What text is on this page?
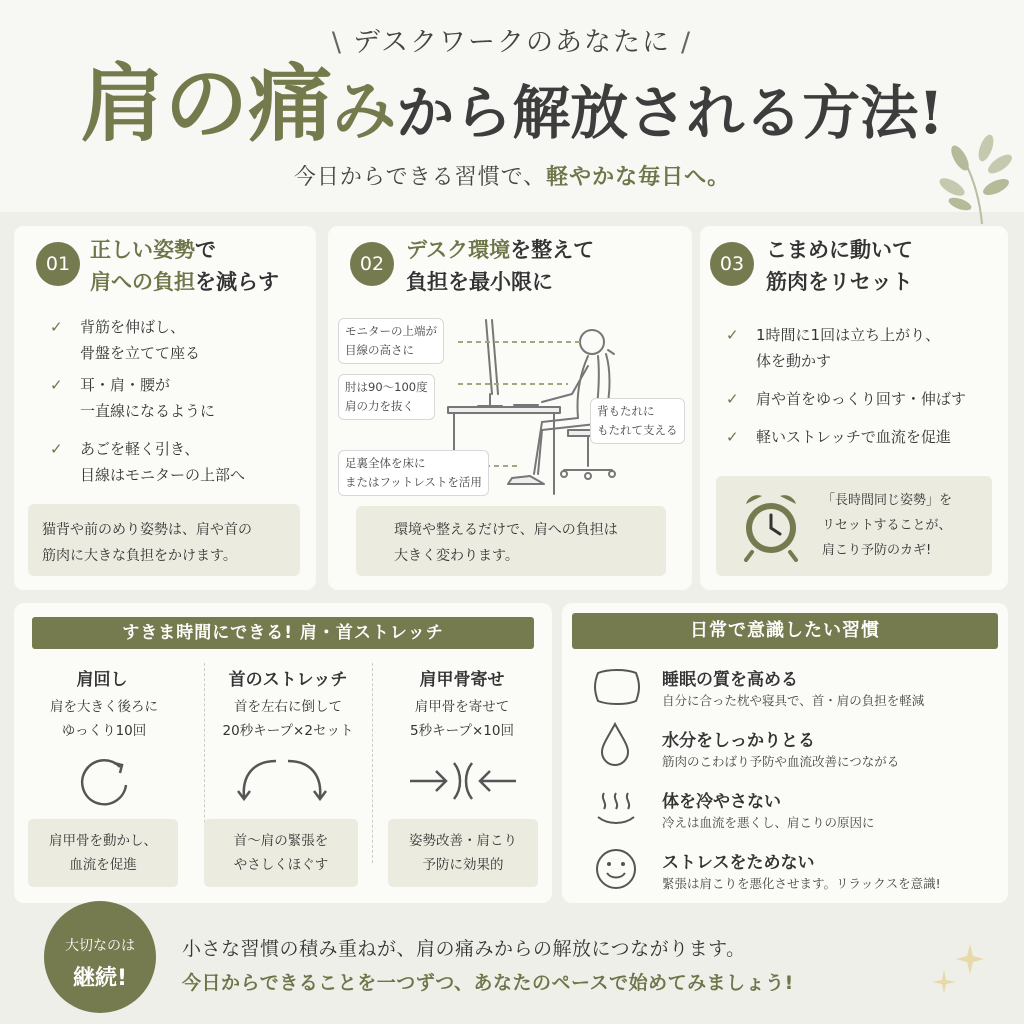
\ デスクワークのあなたに /
肩の痛みから解放される方法!
今日からできる習慣で、軽やかな毎日へ。
01
正しい姿勢で
肩への負担を減らす
✓ 背筋を伸ばし、
骨盤を立てて座る
✓ 耳・肩・腰が
一直線になるように
✓ あごを軽く引き、
目線はモニターの上部へ
猫背や前のめり姿勢は、肩や首の
筋肉に大きな負担をかけます。
02
デスク環境を整えて
負担を最小限に
モニターの上端が
目線の高さに
肘は90〜100度
肩の力を抜く
足裏全体を床に
またはフットレストを活用
背もたれに
もたれて支える
環境や整えるだけで、肩への負担は
大きく変わります。
03
こまめに動いて
筋肉をリセット
✓ 1時間に1回は立ち上がり、
体を動かす
✓ 肩や首をゆっくり回す・伸ばす
✓ 軽いストレッチで血流を促進
「長時間同じ姿勢」を
リセットすることが、
肩こり予防のカギ!
すきま時間にできる! 肩・首ストレッチ
肩回し
肩を大きく後ろに
ゆっくり10回
肩甲骨を動かし、
血流を促進
首のストレッチ
首を左右に倒して
20秒キープ×2セット
首〜肩の緊張を
やさしくほぐす
肩甲骨寄せ
肩甲骨を寄せて
5秒キープ×10回
姿勢改善・肩こり
予防に効果的
日常で意識したい習慣
睡眠の質を高める
自分に合った枕や寝具で、首・肩の負担を軽減
水分をしっかりとる
筋肉のこわばり予防や血流改善につながる
体を冷やさない
冷えは血流を悪くし、肩こりの原因に
ストレスをためない
緊張は肩こりを悪化させます。リラックスを意識!
大切なのは
継続!
小さな習慣の積み重ねが、肩の痛みからの解放につながります。
今日からできることを一つずつ、あなたのペースで始めてみましょう!
